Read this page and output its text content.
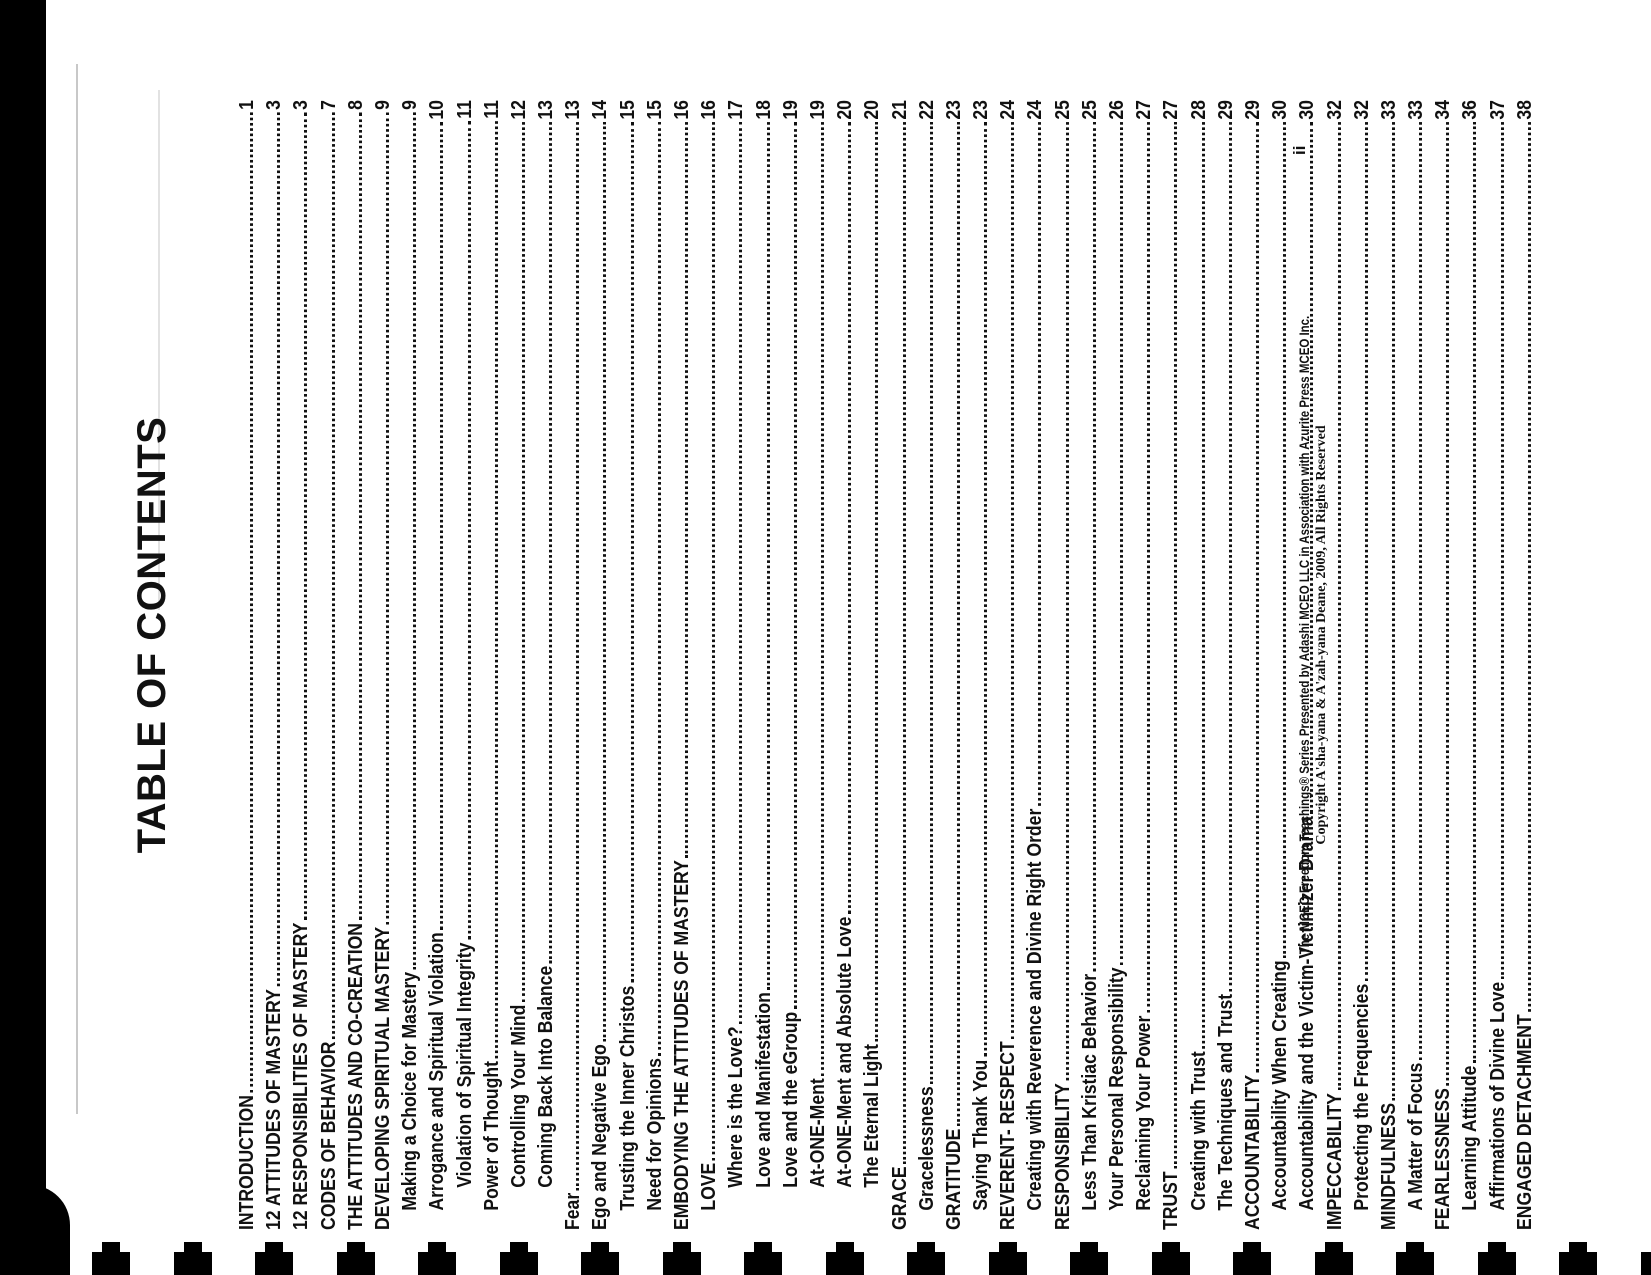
TABLE OF CONTENTS
INTRODUCTION
1
12 ATTITUDES OF MASTERY
3
12 RESPONSIBILITIES OF MASTERY
3
CODES OF BEHAVIOR
7
THE ATTITUDES AND CO-CREATION
8
DEVELOPING SPIRITUAL MASTERY
9
Making a Choice for Mastery
9
Arrogance and Spiritual Violation
10
Violation of Spiritual Integrity
11
Power of Thought
11
Controlling Your Mind
12
Coming Back Into Balance
13
Fear
13
Ego and Negative Ego
14
Trusting the Inner Christos
15
Need for Opinions
15
EMBODYING THE ATTITUDES OF MASTERY
16
LOVE
16
Where is the Love?
17
Love and Manifestation
18
Love and the eGroup
19
At-ONE-Ment
19
At-ONE-Ment and Absolute Love
20
The Eternal Light
20
GRACE
21
Gracelessness
22
GRATITUDE
23
Saying Thank You
23
REVERENT- RESPECT
24
Creating with Reverence and Divine Right Order
24
RESPONSIBILITY
25
Less Than Kristiac Behavior
25
Your Personal Responsibility
26
Reclaiming Your Power
27
TRUST
27
Creating with Trust
28
The Techniques and Trust
29
ACCOUNTABILITY
29
Accountability When Creating
30
Accountability and the Victim-Victimizer Drama
30
IMPECCABILITY
32
Protecting the Frequencies
32
MINDFULNESS
33
A Matter of Focus
33
FEARLESSNESS
34
Learning Attitude
36
Affirmations of Divine Love
37
ENGAGED DETACHMENT
38
ii
The MCEO Freedom Teachings® Series Presented by Adashi MCEO LLC in Association with Azurite Press MCEO Inc. Copyright A'sha-yana & A'zah-yana Deane, 2009, All Rights Reserved
